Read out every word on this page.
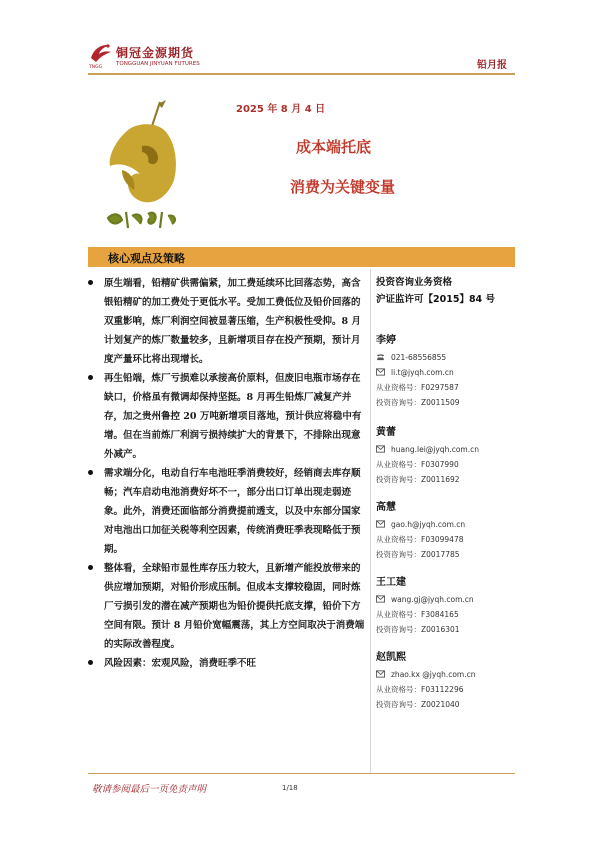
TNGG
铜冠金源期货
TONGGUAN JINYUAN FUTURES	铅月报
2025 年 8 月 4 日
成本端托底
消费为关键变量
核心观点及策略
原生端看，铅精矿供需偏紧，加工费延续环比回落态势，高含银铅精矿的加工费处于更低水平。受加工费低位及铅价回落的双重影响，炼厂利润空间被显著压缩，生产积极性受抑。8 月计划复产的炼厂数量较多，且新增项目存在投产预期，预计月度产量环比将出现增长。
再生铅端，炼厂亏损难以承接高价原料，但废旧电瓶市场存在缺口，价格虽有微调却保持坚挺。8 月再生铅炼厂减复产并存，加之贵州鲁控 20 万吨新增项目落地，预计供应将稳中有增。但在当前炼厂利润亏损持续扩大的背景下，不排除出现意外减产。
需求端分化，电动自行车电池旺季消费较好，经销商去库存顺畅；汽车启动电池消费好坏不一，部分出口订单出现走弱迹象。此外，消费还面临部分消费提前透支，以及中东部分国家对电池出口加征关税等利空因素，传统消费旺季表现略低于预期。
整体看，全球铅市显性库存压力较大，且新增产能投放带来的供应增加预期，对铅价形成压制。但成本支撑较稳固，同时炼厂亏损引发的潜在减产预期也为铅价提供托底支撑，铅价下方空间有限。预计 8 月铅价宽幅震荡，其上方空间取决于消费端的实际改善程度。
风险因素：宏观风险，消费旺季不旺
投资咨询业务资格
沪证监许可【2015】84 号
李婷
021-68556855
li.t@jyqh.com.cn
从业资格号：F0297587
投资咨询号：Z0011509
黄蕾
huang.lei@jyqh.com.cn
从业资格号：F0307990
投资咨询号：Z0011692
高慧
gao.h@jyqh.com.cn
从业资格号：F03099478
投资咨询号：Z0017785
王工建
wang.gj@jyqh.com.cn
从业资格号：F3084165
投资咨询号：Z0016301
赵凯熙
zhao.kx @jyqh.com.cn
从业资格号：F03112296
投资咨询号：Z0021040
敬请参阅最后一页免责声明	1/18
